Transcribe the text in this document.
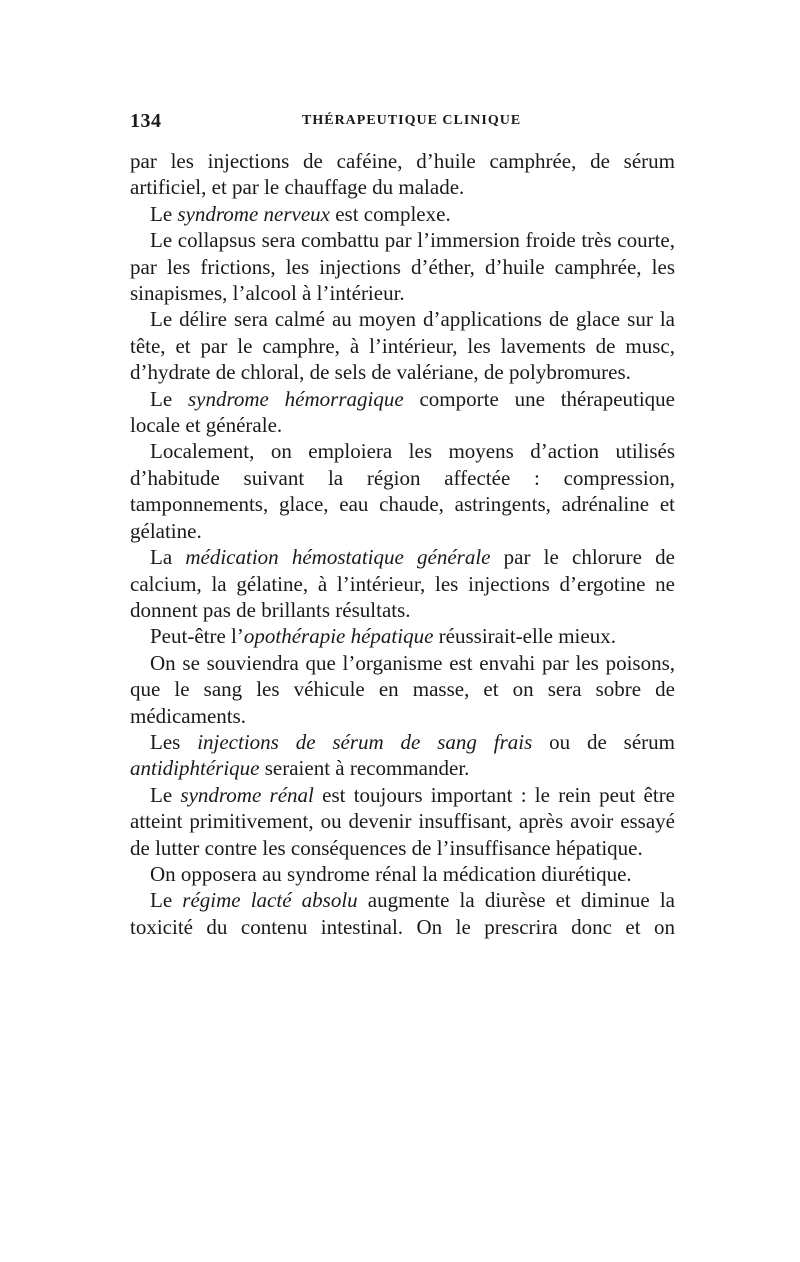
134	THÉRAPEUTIQUE CLINIQUE

par les injections de caféine, d’huile camphrée, de sérum artificiel, et par le chauffage du malade.

Le syndrome nerveux est complexe.

Le collapsus sera combattu par l’immersion froide très courte, par les frictions, les injections d’éther, d’huile camphrée, les sinapismes, l’alcool à l’intérieur.

Le délire sera calmé au moyen d’applications de glace sur la tête, et par le camphre, à l’intérieur, les lavements de musc, d’hydrate de chloral, de sels de valériane, de polybromures.

Le syndrome hémorragique comporte une thérapeutique locale et générale.

Localement, on emploiera les moyens d’action utilisés d’habitude suivant la région affectée : compression, tamponnements, glace, eau chaude, astringents, adrénaline et gélatine.

La médication hémostatique générale par le chlorure de calcium, la gélatine, à l’intérieur, les injections d’ergotine ne donnent pas de brillants résultats.

Peut-être l’opothérapie hépatique réussirait-elle mieux.

On se souviendra que l’organisme est envahi par les poisons, que le sang les véhicule en masse, et on sera sobre de médicaments.

Les injections de sérum de sang frais ou de sérum antidiphtérique seraient à recommander.

Le syndrome rénal est toujours important : le rein peut être atteint primitivement, ou devenir insuffisant, après avoir essayé de lutter contre les conséquences de l’insuffisance hépatique.

On opposera au syndrome rénal la médication diurétique.

Le régime lacté absolu augmente la diurèse et diminue la toxicité du contenu intestinal. On le prescrira donc et on
